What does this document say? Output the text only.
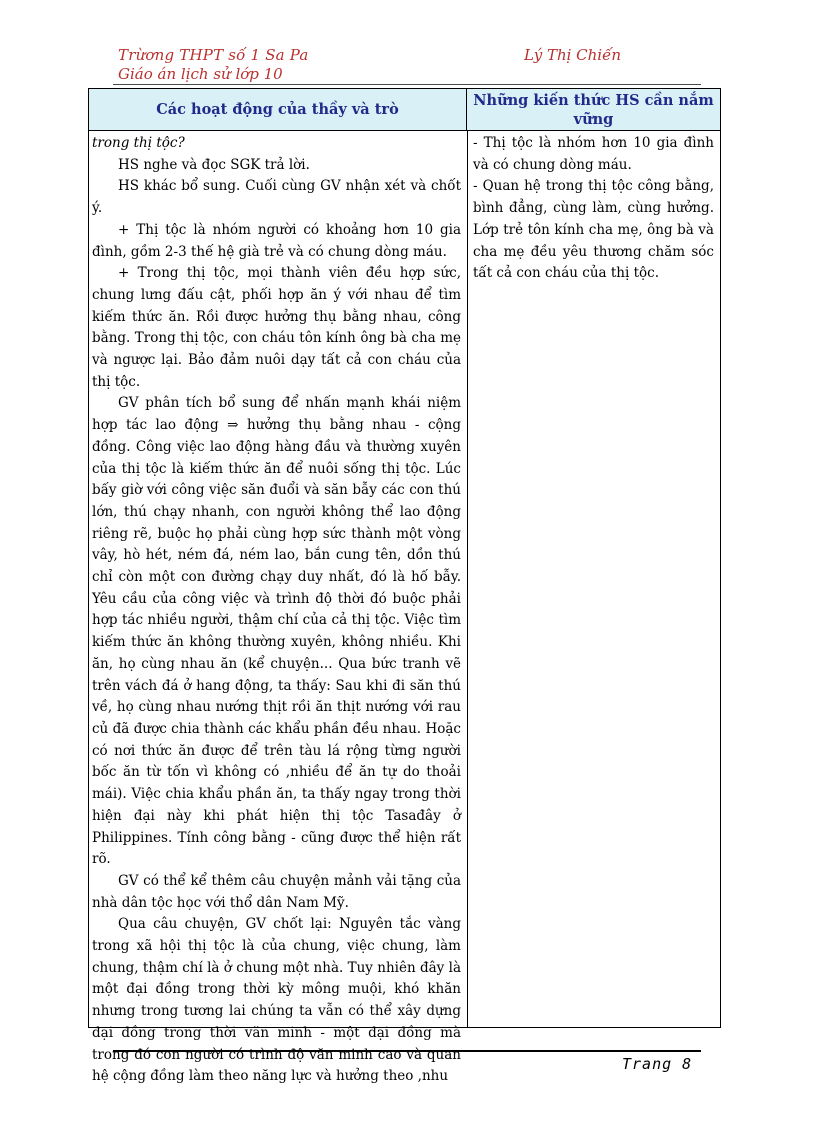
Trừơng THPT số 1 Sa Pa	Lý Thị Chiến
Giáo án lịch sử lớp 10
Các hoạt động của thầy và trò
Những kiến thức HS cần nắm vững

trong thị tộc?

HS nghe và đọc SGK trả lời.

HS khác bổ sung. Cuối cùng GV nhận xét và chốt ý.

+ Thị tộc là nhóm người có khoảng hơn 10 gia đình, gồm 2-3 thế hệ già trẻ và có chung dòng máu.

+ Trong thị tộc, mọi thành viên đều hợp sức, chung lưng đấu cật, phối hợp ăn ý với nhau để tìm kiếm thức ăn. Rồi được hưởng thụ bằng nhau, công bằng. Trong thị tộc, con cháu tôn kính ông bà cha mẹ và ngược lại. Bảo đảm nuôi dạy tất cả con cháu của thị tộc.

GV phân tích bổ sung để nhấn mạnh khái niệm hợp tác lao động ⇒ hưởng thụ bằng nhau - cộng đồng. Công việc lao động hàng đầu và thường xuyên của thị tộc là kiếm thức ăn để nuôi sống thị tộc. Lúc bấy giờ với công việc săn đuổi và săn bẫy các con thú lớn, thú chạy nhanh, con người không thể lao động riêng rẽ, buộc họ phải cùng hợp sức thành một vòng vây, hò hét, ném đá, ném lao, bắn cung tên, dồn thú chỉ còn một con đường chạy duy nhất, đó là hố bẫy. Yêu cầu của công việc và trình độ thời đó buộc phải hợp tác nhiều người, thậm chí của cả thị tộc. Việc tìm kiếm thức ăn không thường xuyên, không nhiều. Khi ăn, họ cùng nhau ăn (kể chuyện... Qua bức tranh vẽ trên vách đá ở hang động, ta thấy: Sau khi đi săn thú về, họ cùng nhau nướng thịt rồi ăn thịt nướng với rau củ đã được chia thành các khẩu phần đều nhau. Hoặc có nơi thức ăn được để trên tàu lá rộng từng người bốc ăn từ tốn vì không có ,nhiều để ăn tự do thoải mái). Việc chia khẩu phần ăn, ta thấy ngay trong thời hiện đại này khi phát hiện thị tộc Tasađây ở Philippines. Tính công bằng - cũng được thể hiện rất rõ.

GV có thể kể thêm câu chuyện mảnh vải tặng của nhà dân tộc học với thổ dân Nam Mỹ.

Qua câu chuyện, GV chốt lại: Nguyên tắc vàng trong xã hội thị tộc là của chung, việc chung, làm chung, thậm chí là ở chung một nhà. Tuy nhiên đây là một đại đồng trong thời kỳ mông muội, khó khăn nhưng trong tương lai chúng ta vẫn có thể xây dựng đại đồng trong thời văn minh - một đại đồng mà trong đó con người có trình độ văn minh cao và quan hệ cộng đồng làm theo năng lực và hưởng theo ,nhu

- Thị tộc là nhóm hơn 10 gia đình và có chung dòng máu.

- Quan hệ trong thị tộc công bằng, bình đẳng, cùng làm, cùng hưởng. Lớp trẻ tôn kính cha mẹ, ông bà và cha mẹ đều yêu thương chăm sóc tất cả con cháu của thị tộc.

Trang 8
